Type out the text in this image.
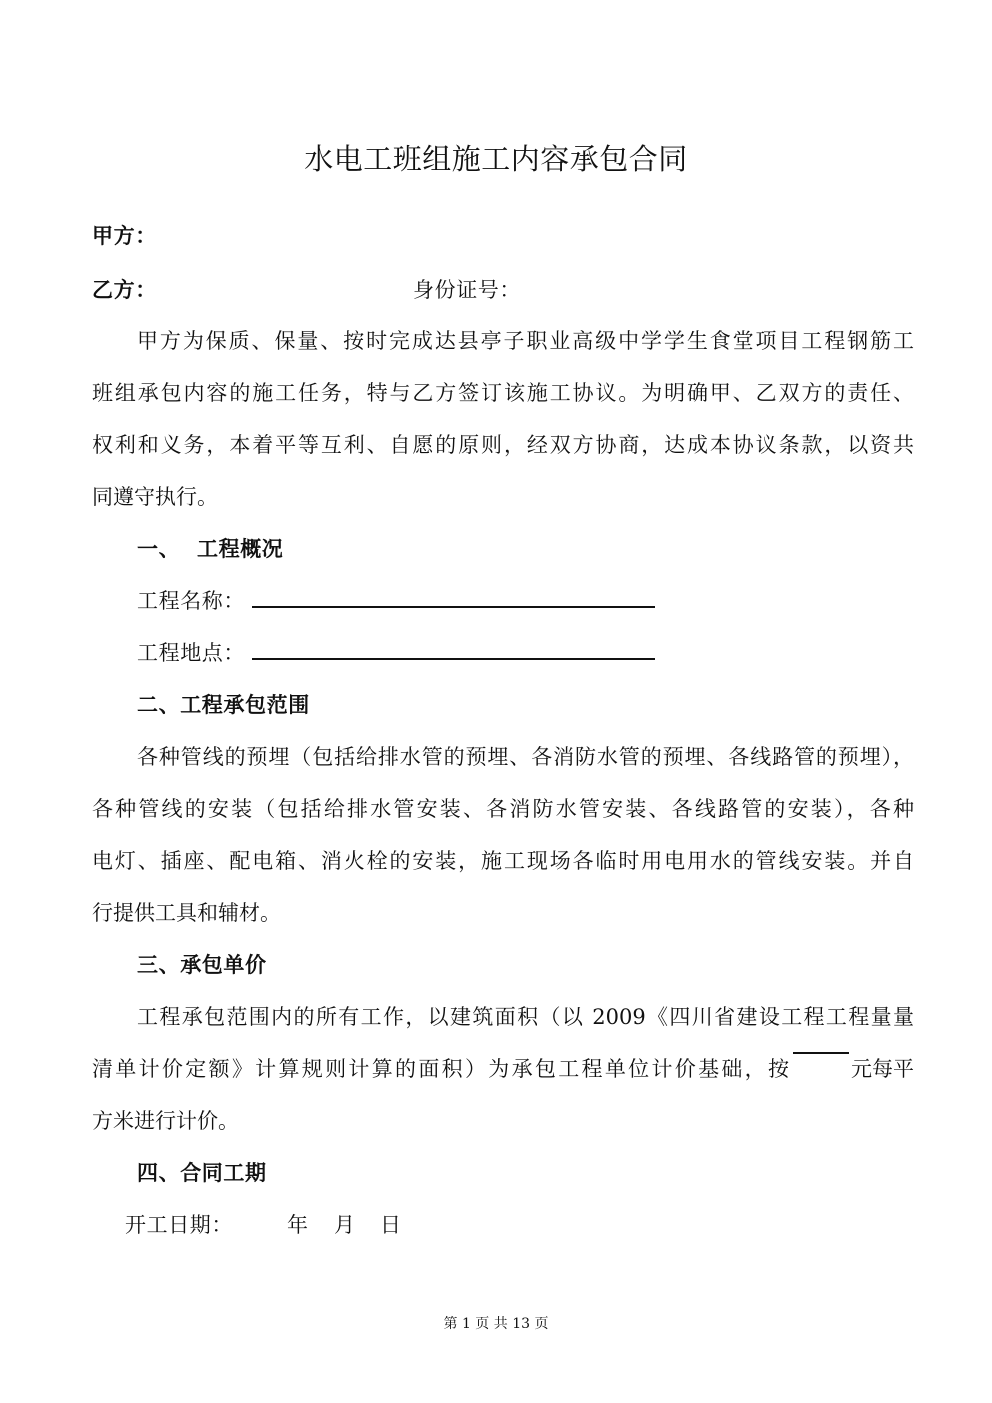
水电工班组施工内容承包合同
甲方：
乙方：	身份证号：
甲方为保质、保量、按时完成达县亭子职业高级中学学生食堂项目工程钢筋工
班组承包内容的施工任务，特与乙方签订该施工协议。为明确甲、乙双方的责任、
权利和义务，本着平等互利、自愿的原则，经双方协商，达成本协议条款，以资共
同遵守执行。
一、 工程概况
工程名称：
工程地点：
二、工程承包范围
各种管线的预埋（包括给排水管的预埋、各消防水管的预埋、各线路管的预埋），
各种管线的安装（包括给排水管安装、各消防水管安装、各线路管的安装），各种
电灯、插座、配电箱、消火栓的安装，施工现场各临时用电用水的管线安装。并自
行提供工具和辅材。
三、承包单价
工程承包范围内的所有工作，以建筑面积（以 2009《四川省建设工程工程量量
清单计价定额》计算规则计算的面积）为承包工程单位计价基础，按	元每平
方米进行计价。
四、合同工期
开工日期：	年 月 日
第 1 页 共 13 页
